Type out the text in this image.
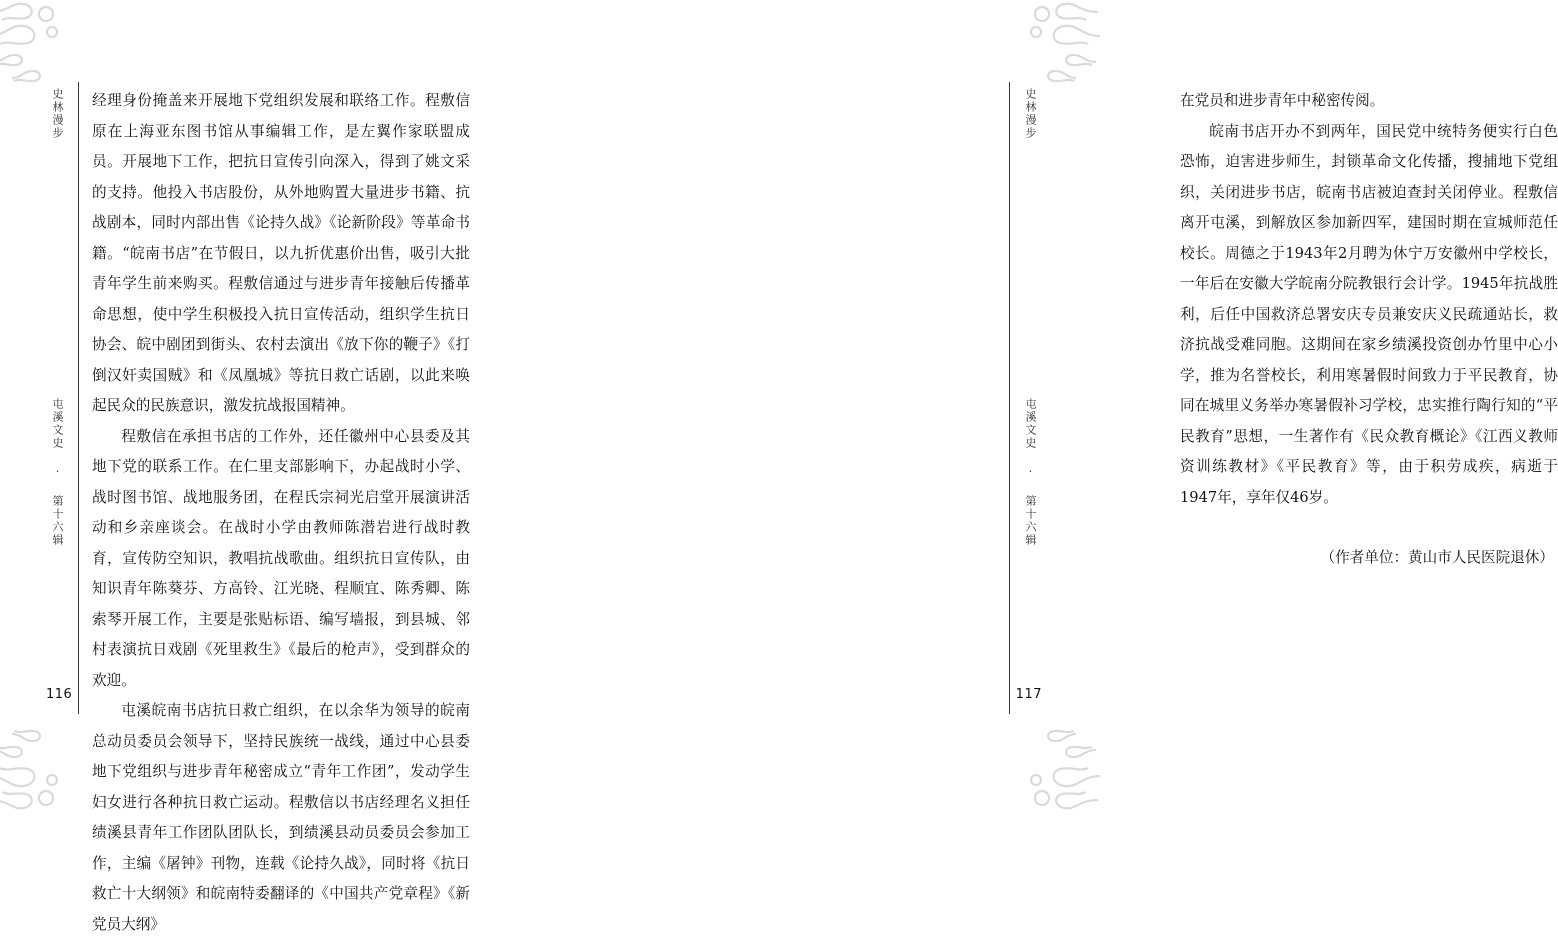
史林漫步
屯溪文史 · 第十六辑

经理身份掩盖来开展地下党组织发展和联络工作。程敷信原在上海亚东图书馆从事编辑工作，是左翼作家联盟成员。开展地下工作，把抗日宣传引向深入，得到了姚文采的支持。他投入书店股份，从外地购置大量进步书籍、抗战剧本，同时内部出售《论持久战》《论新阶段》等革命书籍。“皖南书店”在节假日，以九折优惠价出售，吸引大批青年学生前来购买。程敷信通过与进步青年接触后传播革命思想，使中学生积极投入抗日宣传活动，组织学生抗日协会、皖中剧团到街头、农村去演出《放下你的鞭子》《打倒汉奸卖国贼》和《凤凰城》等抗日救亡话剧，以此来唤起民众的民族意识，激发抗战报国精神。

程敷信在承担书店的工作外，还任徽州中心县委及其地下党的联系工作。在仁里支部影响下，办起战时小学、战时图书馆、战地服务团，在程氏宗祠光启堂开展演讲活动和乡亲座谈会。在战时小学由教师陈潜岩进行战时教育，宣传防空知识，教唱抗战歌曲。组织抗日宣传队，由知识青年陈葵芬、方高铃、江光晓、程顺宜、陈秀卿、陈索琴开展工作，主要是张贴标语、编写墙报，到县城、邻村表演抗日戏剧《死里救生》《最后的枪声》，受到群众的欢迎。

屯溪皖南书店抗日救亡组织，在以余华为领导的皖南总动员委员会领导下，坚持民族统一战线，通过中心县委地下党组织与进步青年秘密成立“青年工作团”，发动学生妇女进行各种抗日救亡运动。程敷信以书店经理名义担任绩溪县青年工作团队团队长，到绩溪县动员委员会参加工作，主编《屠钟》刊物，连载《论持久战》，同时将《抗日救亡十大纲领》和皖南特委翻译的《中国共产党章程》《新党员大纲》

116
史林漫步
屯溪文史 · 第十六辑

在党员和进步青年中秘密传阅。

皖南书店开办不到两年，国民党中统特务便实行白色恐怖，迫害进步师生，封锁革命文化传播，搜捕地下党组织，关闭进步书店，皖南书店被迫查封关闭停业。程敷信离开屯溪，到解放区参加新四军，建国时期在宣城师范任校长。周德之于1943年2月聘为休宁万安徽州中学校长，一年后在安徽大学皖南分院教银行会计学。1945年抗战胜利，后任中国救济总署安庆专员兼安庆义民疏通站长，救济抗战受难同胞。这期间在家乡绩溪投资创办竹里中心小学，推为名誉校长，利用寒暑假时间致力于平民教育，协同在城里义务举办寒暑假补习学校，忠实推行陶行知的“平民教育”思想，一生著作有《民众教育概论》《江西义教师资训练教材》《平民教育》等，由于积劳成疾，病逝于1947年，享年仅46岁。

（作者单位：黄山市人民医院退休）

117
